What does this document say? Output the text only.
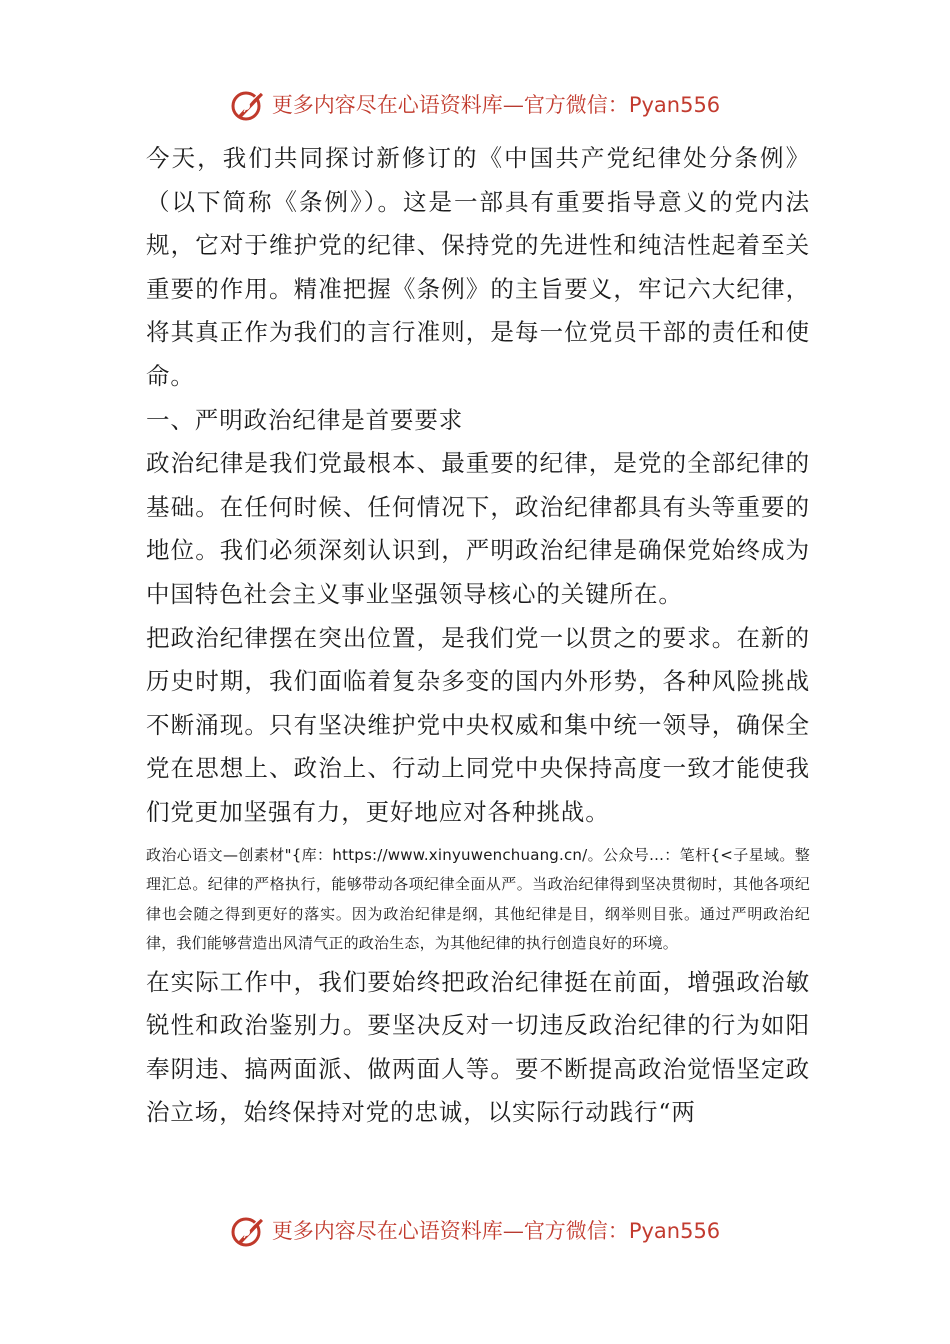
更多内容尽在心语资料库—官方微信：Pyan556

今天，我们共同探讨新修订的《中国共产党纪律处分条例》（以下简称《条例》）。这是一部具有重要指导意义的党内法规，它对于维护党的纪律、保持党的先进性和纯洁性起着至关重要的作用。精准把握《条例》的主旨要义，牢记六大纪律，将其真正作为我们的言行准则，是每一位党员干部的责任和使命。

一、严明政治纪律是首要要求

政治纪律是我们党最根本、最重要的纪律，是党的全部纪律的基础。在任何时候、任何情况下，政治纪律都具有头等重要的地位。我们必须深刻认识到，严明政治纪律是确保党始终成为中国特色社会主义事业坚强领导核心的关键所在。

把政治纪律摆在突出位置，是我们党一以贯之的要求。在新的历史时期，我们面临着复杂多变的国内外形势，各种风险挑战不断涌现。只有坚决维护党中央权威和集中统一领导，确保全党在思想上、政治上、行动上同党中央保持高度一致才能使我们党更加坚强有力，更好地应对各种挑战。

政治心语文—创素材"{库：https://www.xinyuwenchuang.cn/。公众号...：笔杆{<子星域。整理汇总。纪律的严格执行，能够带动各项纪律全面从严。当政治纪律得到坚决贯彻时，其他各项纪律也会随之得到更好的落实。因为政治纪律是纲，其他纪律是目，纲举则目张。通过严明政治纪律，我们能够营造出风清气正的政治生态，为其他纪律的执行创造良好的环境。

在实际工作中，我们要始终把政治纪律挺在前面，增强政治敏锐性和政治鉴别力。要坚决反对一切违反政治纪律的行为如阳奉阴违、搞两面派、做两面人等。要不断提高政治觉悟坚定政治立场，始终保持对党的忠诚，以实际行动践行“两

更多内容尽在心语资料库—官方微信：Pyan556
